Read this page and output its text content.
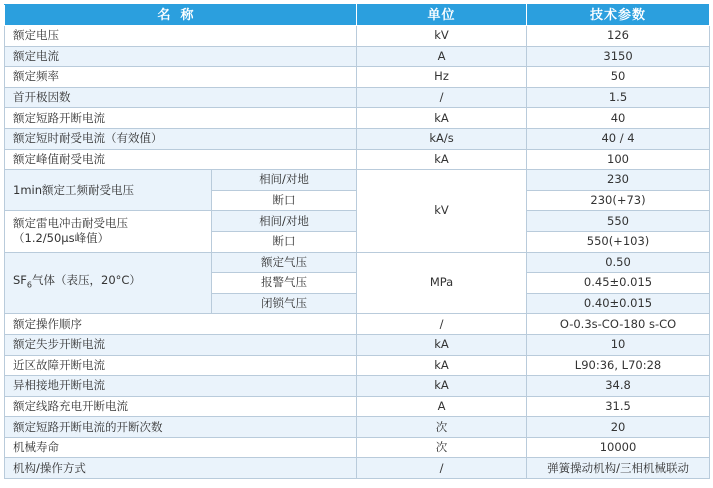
名称		单位	技术参数
额定电压		kV	126
额定电流		A	3150
额定频率		Hz	50
首开极因数		/	1.5
额定短路开断电流		kA	40
额定短时耐受电流（有效值）		kA/s	40 / 4
额定峰值耐受电流		kA	100
1min额定工频耐受电压	相间/对地	kV	230
	断口		230(+73)
额定雷电冲击耐受电压
（1.2/50μs峰值）	相间/对地		550
	断口		550(+103)
$SF_6$气体（表压，20°C）	额定气压	MPa	0.50
	报警气压		0.45±0.015
	闭锁气压		0.40±0.015
额定操作顺序		/	O-0.3s-CO-180 s-CO
额定失步开断电流		kA	10
近区故障开断电流		kA	L90:36, L70:28
异相接地开断电流		kA	34.8
额定线路充电开断电流		A	31.5
额定短路开断电流的开断次数		次	20
机械寿命		次	10000
机构/操作方式		/	弹簧操动机构/三相机械联动
